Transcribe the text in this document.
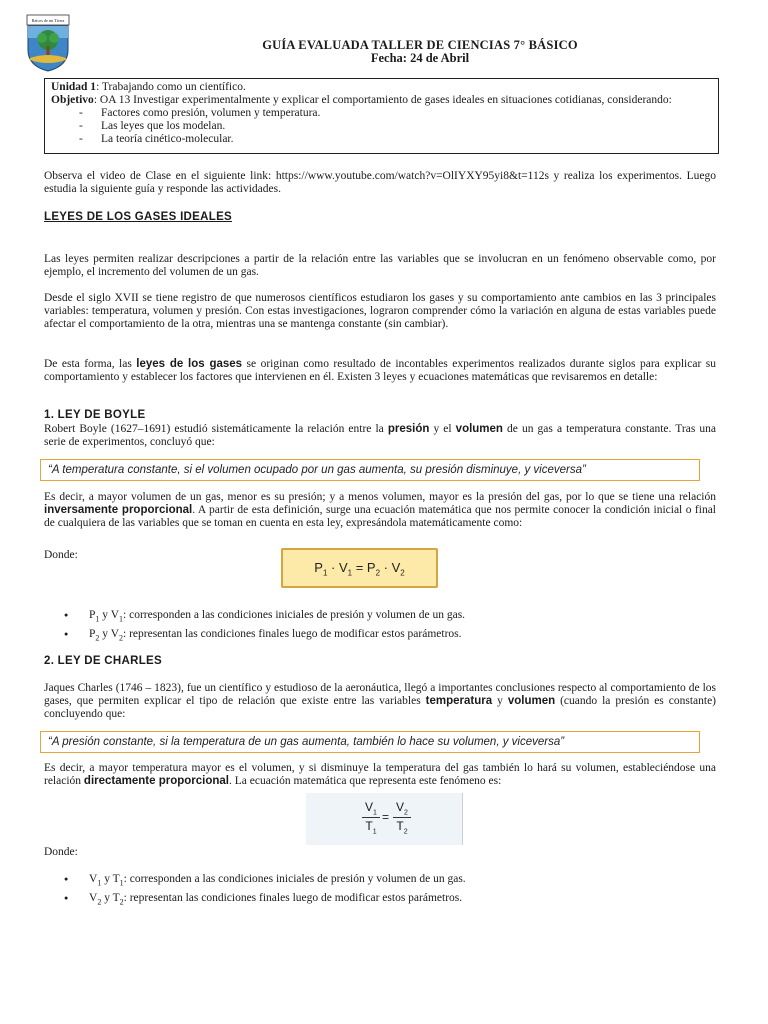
Raíces de mi Tierra
GUÍA EVALUADA TALLER DE CIENCIAS 7° BÁSICO
Fecha: 24 de Abril
Unidad 1: Trabajando como un científico.
Objetivo: OA 13 Investigar experimentalmente y explicar el comportamiento de gases ideales en situaciones cotidianas, considerando:
- Factores como presión, volumen y temperatura.
- Las leyes que los modelan.
- La teoría cinético-molecular.
Observa el video de Clase en el siguiente link: https://www.youtube.com/watch?v=OlIYXY95yi8&t=112s y realiza los experimentos. Luego estudia la siguiente guía y responde las actividades.
LEYES DE LOS GASES IDEALES
Las leyes permiten realizar descripciones a partir de la relación entre las variables que se involucran en un fenómeno observable como, por ejemplo, el incremento del volumen de un gas.
Desde el siglo XVII se tiene registro de que numerosos científicos estudiaron los gases y su comportamiento ante cambios en las 3 principales variables: temperatura, volumen y presión. Con estas investigaciones, lograron comprender cómo la variación en alguna de estas variables puede afectar el comportamiento de la otra, mientras una se mantenga constante (sin cambiar).
De esta forma, las leyes de los gases se originan como resultado de incontables experimentos realizados durante siglos para explicar su comportamiento y establecer los factores que intervienen en él. Existen 3 leyes y ecuaciones matemáticas que revisaremos en detalle:
1. LEY DE BOYLE
Robert Boyle (1627–1691) estudió sistemáticamente la relación entre la presión y el volumen de un gas a temperatura constante. Tras una serie de experimentos, concluyó que:
“A temperatura constante, si el volumen ocupado por un gas aumenta, su presión disminuye, y viceversa”
Es decir, a mayor volumen de un gas, menor es su presión; y a menos volumen, mayor es la presión del gas, por lo que se tiene una relación inversamente proporcional. A partir de esta definición, surge una ecuación matemática que nos permite conocer la condición inicial o final de cualquiera de las variables que se toman en cuenta en esta ley, expresándola matemáticamente como:
Donde:
$P_1 \cdot V_1 = P_2 \cdot V_2$
● $P_1$ y $V_1$: corresponden a las condiciones iniciales de presión y volumen de un gas.
● $P_2$ y $V_2$: representan las condiciones finales luego de modificar estos parámetros.
2. LEY DE CHARLES
Jaques Charles (1746 – 1823), fue un científico y estudioso de la aeronáutica, llegó a importantes conclusiones respecto al comportamiento de los gases, que permiten explicar el tipo de relación que existe entre las variables temperatura y volumen (cuando la presión es constante) concluyendo que:
“A presión constante, si la temperatura de un gas aumenta, también lo hace su volumen, y viceversa”
Es decir, a mayor temperatura mayor es el volumen, y si disminuye la temperatura del gas también lo hará su volumen, estableciéndose una relación directamente proporcional. La ecuación matemática que representa este fenómeno es:
$V_1$
$T_1$
=
$V_2$
$T_2$
Donde:
● $V_1$ y $T_1$: corresponden a las condiciones iniciales de presión y volumen de un gas.
● $V_2$ y $T_2$: representan las condiciones finales luego de modificar estos parámetros.
